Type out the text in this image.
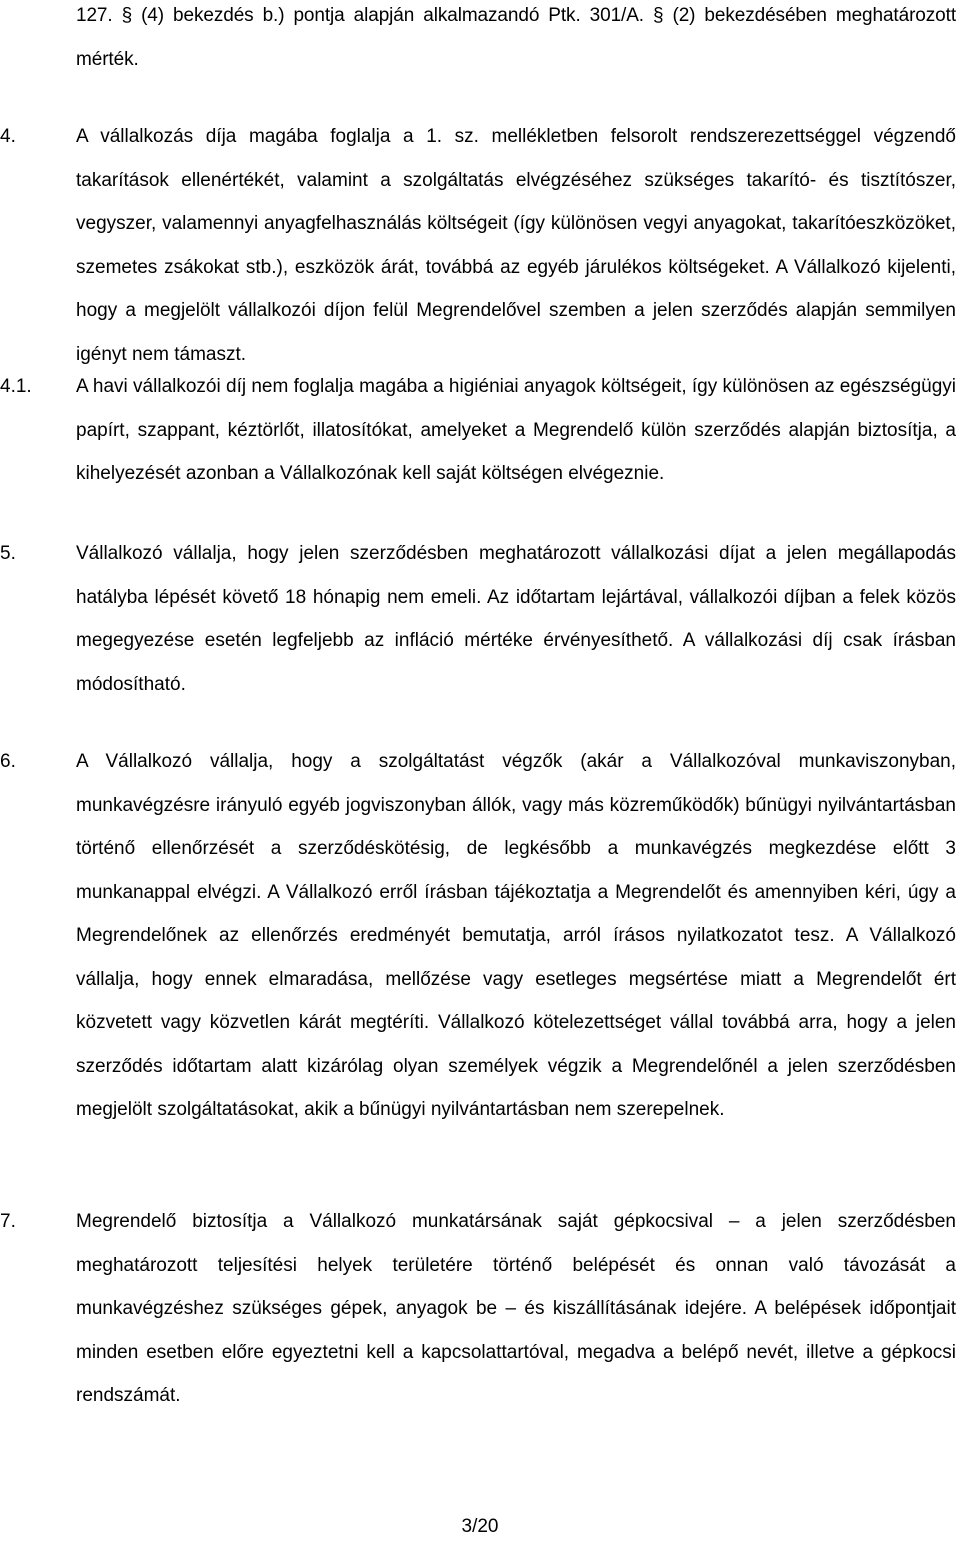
127. § (4) bekezdés b.) pontja alapján alkalmazandó Ptk. 301/A. § (2) bekezdésében meghatározott mérték.
4.	A vállalkozás díja magába foglalja a 1. sz. mellékletben felsorolt rendszerezettséggel végzendő takarítások ellenértékét, valamint a szolgáltatás elvégzéséhez szükséges takarító- és tisztítószer, vegyszer, valamennyi anyagfelhasználás költségeit (így különösen vegyi anyagokat, takarítóeszközöket, szemetes zsákokat stb.), eszközök árát, továbbá az egyéb járulékos költségeket. A Vállalkozó kijelenti, hogy a megjelölt vállalkozói díjon felül Megrendelővel szemben a jelen szerződés alapján semmilyen igényt nem támaszt.
4.1.	A havi vállalkozói díj nem foglalja magába a higiéniai anyagok költségeit, így különösen az egészségügyi papírt, szappant, kéztörlőt, illatosítókat, amelyeket a Megrendelő külön szerződés alapján biztosítja, a kihelyezését azonban a Vállalkozónak kell saját költségen elvégeznie.
5.	Vállalkozó vállalja, hogy jelen szerződésben meghatározott vállalkozási díjat a jelen megállapodás hatályba lépését követő 18 hónapig nem emeli. Az időtartam lejártával, vállalkozói díjban a felek közös megegyezése esetén legfeljebb az infláció mértéke érvényesíthető. A vállalkozási díj csak írásban módosítható.
6.	A Vállalkozó vállalja, hogy a szolgáltatást végzők (akár a Vállalkozóval munkaviszonyban, munkavégzésre irányuló egyéb jogviszonyban állók, vagy más közreműködők) bűnügyi nyilvántartásban történő ellenőrzését a szerződéskötésig, de legkésőbb a munkavégzés megkezdése előtt 3 munkanappal elvégzi. A Vállalkozó erről írásban tájékoztatja a Megrendelőt és amennyiben kéri, úgy a Megrendelőnek az ellenőrzés eredményét bemutatja, arról írásos nyilatkozatot tesz. A Vállalkozó vállalja, hogy ennek elmaradása, mellőzése vagy esetleges megsértése miatt a Megrendelőt ért közvetett vagy közvetlen kárát megtéríti. Vállalkozó kötelezettséget vállal továbbá arra, hogy a jelen szerződés időtartam alatt kizárólag olyan személyek végzik a Megrendelőnél a jelen szerződésben megjelölt szolgáltatásokat, akik a bűnügyi nyilvántartásban nem szerepelnek.
7.	Megrendelő biztosítja a Vállalkozó munkatársának saját gépkocsival – a jelen szerződésben meghatározott teljesítési helyek területére történő belépését és onnan való távozását a munkavégzéshez szükséges gépek, anyagok be – és kiszállításának idejére. A belépések időpontjait minden esetben előre egyeztetni kell a kapcsolattartóval, megadva a belépő nevét, illetve a gépkocsi rendszámát.
3/20
